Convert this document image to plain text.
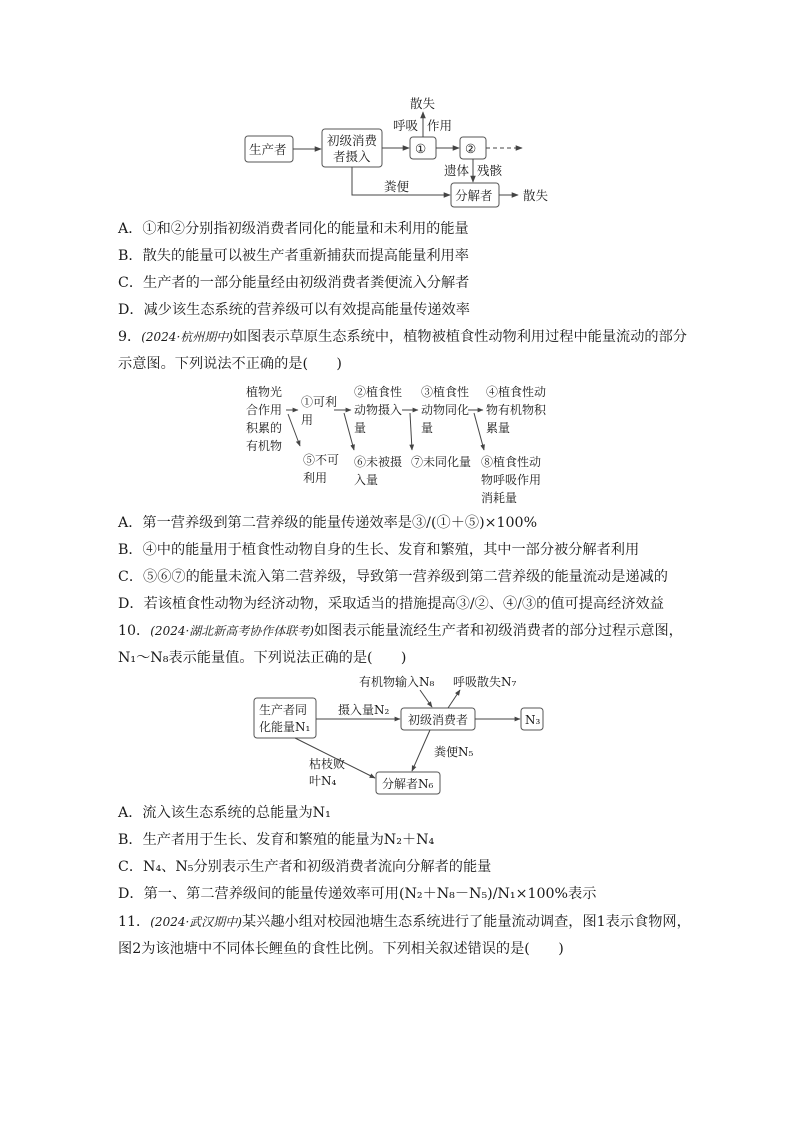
生产者
初级消费
者摄入
①	②
分解者
散失
呼吸 作用
遗体 残骸
粪便
散失
A．①和②分别指初级消费者同化的能量和未利用的能量
B．散失的能量可以被生产者重新捕获而提高能量利用率
C．生产者的一部分能量经由初级消费者粪便流入分解者
D．减少该生态系统的营养级可以有效提高能量传递效率
9．(2024·杭州期中)如图表示草原生态系统中，植物被植食性动物利用过程中能量流动的部分
示意图。下列说法不正确的是(　　)
植物光
合作用
积累的
有机物
①可利
用
②植食性
动物摄入
量
③植食性
动物同化
量
④植食性动
物有机物积
累量
⑤不可
利用
⑥未被摄
入量
⑦未同化量 ⑧植食性动
物呼吸作用
消耗量
A．第一营养级到第二营养级的能量传递效率是③/(①＋⑤)×100%
B．④中的能量用于植食性动物自身的生长、发育和繁殖，其中一部分被分解者利用
C．⑤⑥⑦的能量未流入第二营养级，导致第一营养级到第二营养级的能量流动是递减的
D．若该植食性动物为经济动物，采取适当的措施提高③/②、④/③的值可提高经济效益
10．(2024·湖北新高考协作体联考)如图表示能量流经生产者和初级消费者的部分过程示意图，
N₁～N₈表示能量值。下列说法正确的是(　　)
生产者同
化能量N₁	初级消费者	N₃
分解者N₆
有机物输入N₈ 呼吸散失N₇
摄入量N₂
粪便N₅
枯枝败
叶N₄
A．流入该生态系统的总能量为N₁
B．生产者用于生长、发育和繁殖的能量为N₂＋N₄
C．N₄、N₅分别表示生产者和初级消费者流向分解者的能量
D．第一、第二营养级间的能量传递效率可用(N₂＋N₈－N₅)/N₁×100%表示
11．(2024·武汉期中)某兴趣小组对校园池塘生态系统进行了能量流动调查，图1表示食物网，
图2为该池塘中不同体长鲤鱼的食性比例。下列相关叙述错误的是(　　)
